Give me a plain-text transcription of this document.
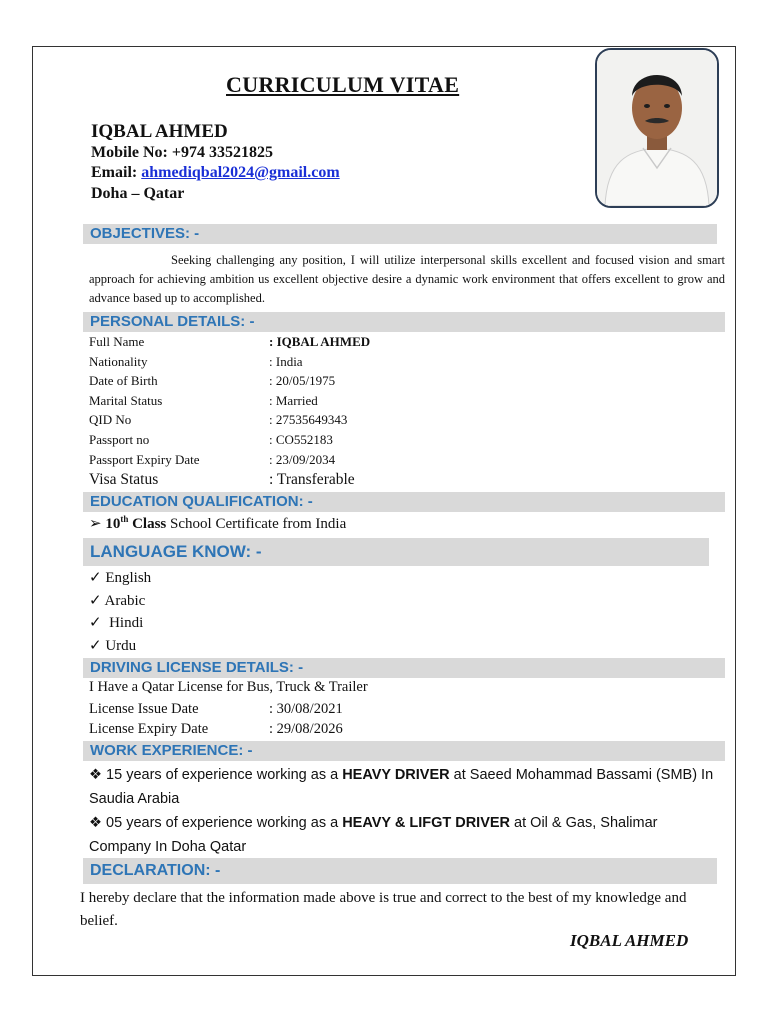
CURRICULUM VITAE
IQBAL AHMED
Mobile No: +974 33521825
Email: ahmediqbal2024@gmail.com
Doha – Qatar
OBJECTIVES: -
Seeking challenging any position, I will utilize interpersonal skills excellent and focused vision and smart approach for achieving ambition us excellent objective desire a dynamic work environment that offers excellent to grow and advance based up to accomplished.
PERSONAL DETAILS: -
Full Name	: IQBAL AHMED
Nationality	: India
Date of Birth	: 20/05/1975
Marital Status	: Married
QID No	: 27535649343
Passport no	: CO552183
Passport Expiry Date	: 23/09/2034
Visa Status	: Transferable
EDUCATION QUALIFICATION: -
➢ 10th Class School Certificate from India
LANGUAGE KNOW: -
✓ English
✓ Arabic
✓ Hindi
✓ Urdu
DRIVING LICENSE DETAILS: -
I Have a Qatar License for Bus, Truck & Trailer
License Issue Date	: 30/08/2021
License Expiry Date	: 29/08/2026
WORK EXPERIENCE: -
❖ 15 years of experience working as a HEAVY DRIVER at Saeed Mohammad Bassami (SMB) In Saudia Arabia
❖ 05 years of experience working as a HEAVY & LIFGT DRIVER at Oil & Gas, Shalimar Company In Doha Qatar
DECLARATION: -
I hereby declare that the information made above is true and correct to the best of my knowledge and belief.
IQBAL AHMED
